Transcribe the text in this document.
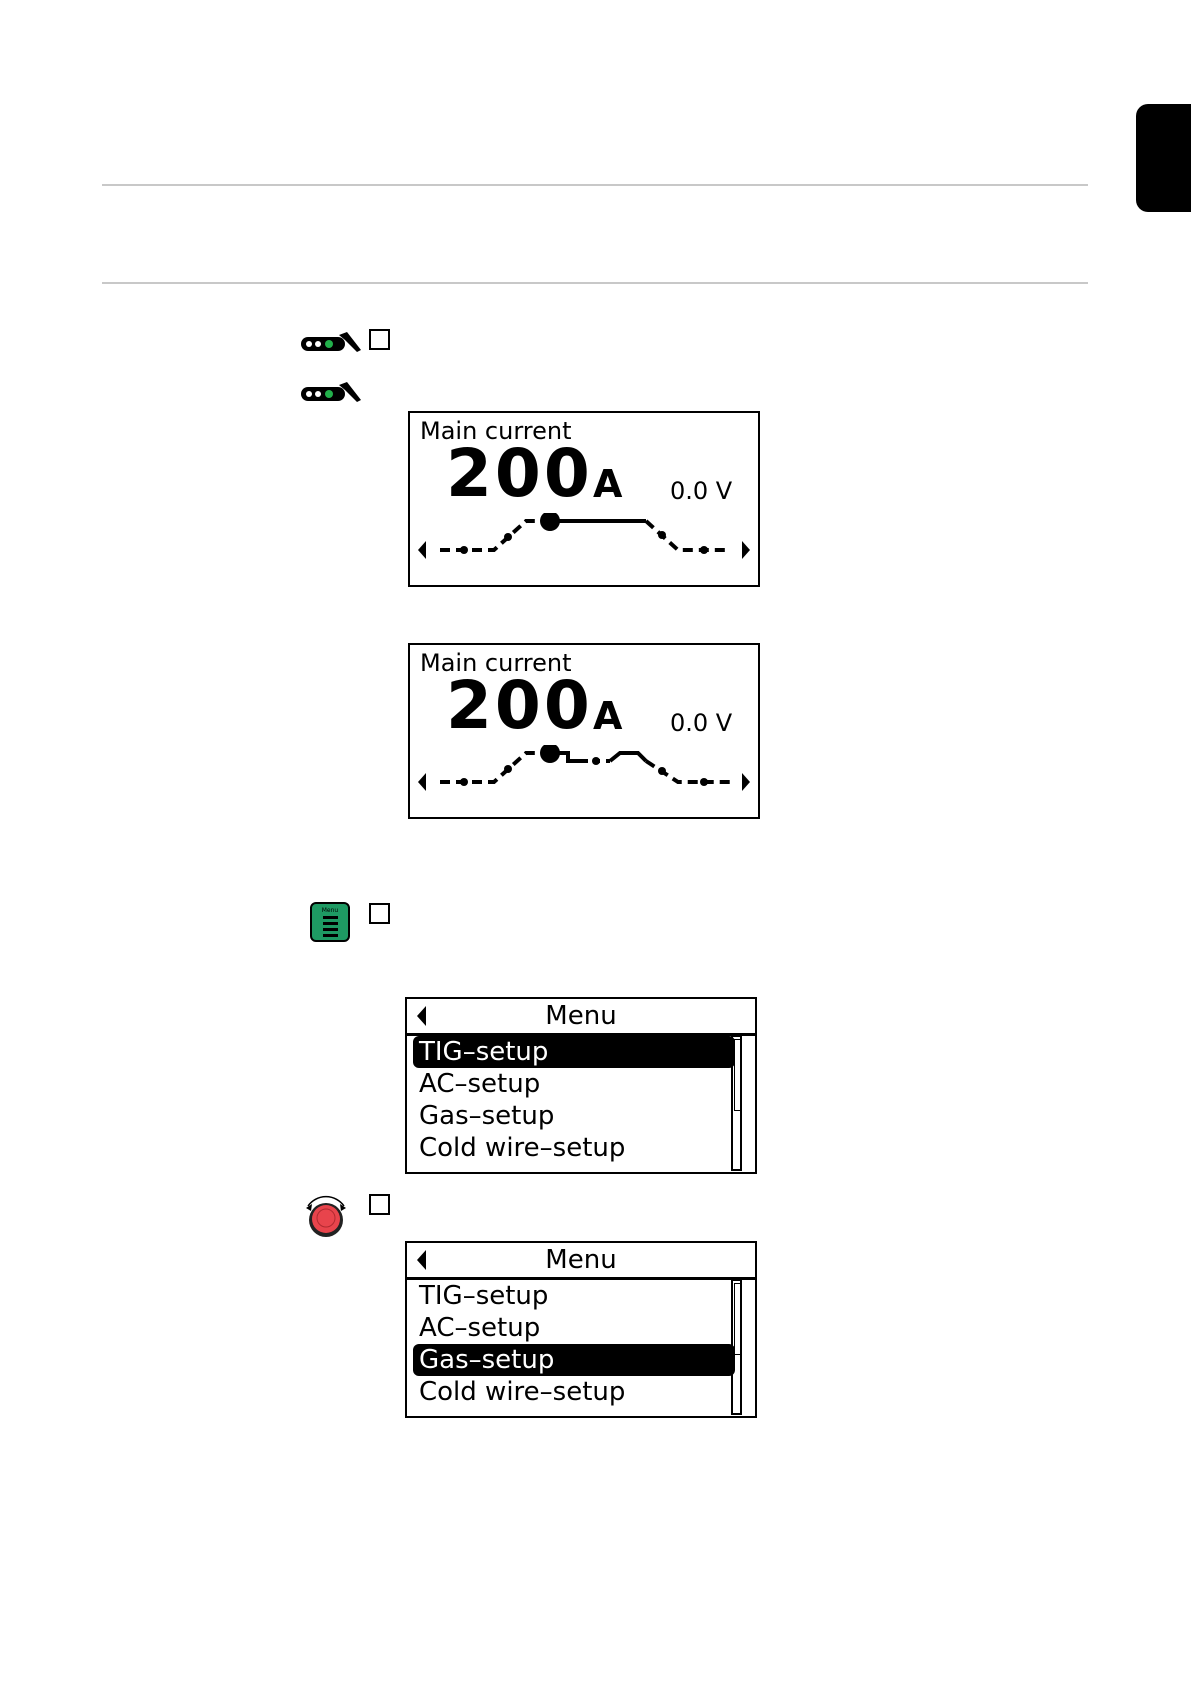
Main current
200 A 0.0 V
Main current
200 A 0.0 V
Menu
Menu
TIG–setup
AC–setup
Gas–setup
Cold wire–setup
Menu
TIG–setup
AC–setup
Gas–setup
Cold wire–setup
